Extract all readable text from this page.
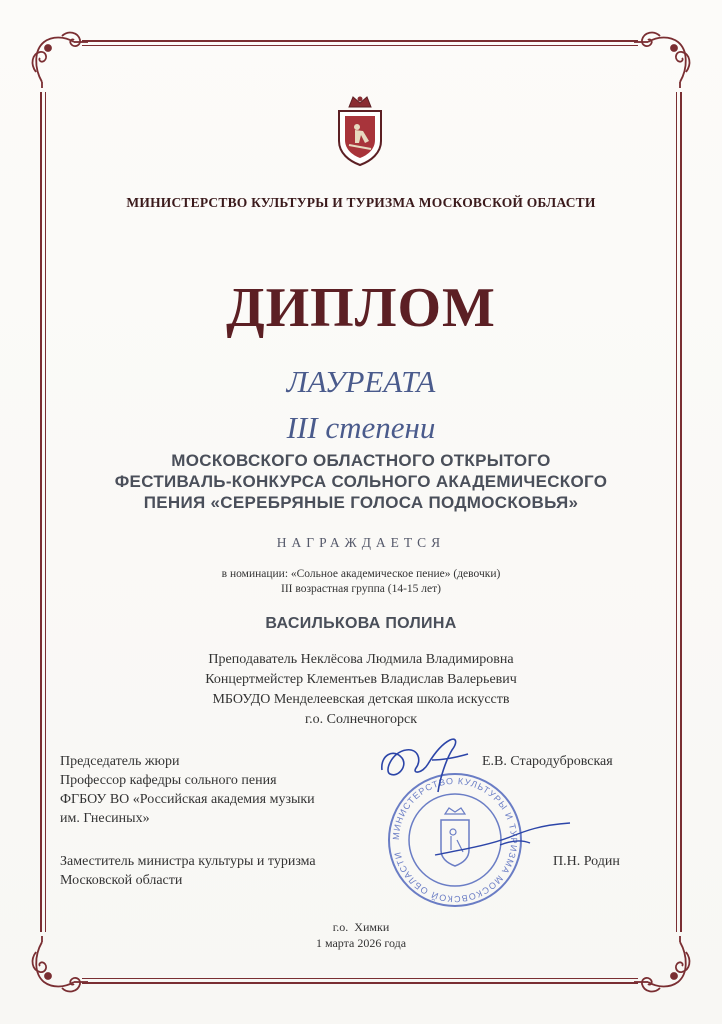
МИНИСТЕРСТВО КУЛЬТУРЫ И ТУРИЗМА МОСКОВСКОЙ ОБЛАСТИ
ДИПЛОМ
ЛАУРЕАТА
III степени
МОСКОВСКОГО ОБЛАСТНОГО ОТКРЫТОГО
ФЕСТИВАЛЬ-КОНКУРСА СОЛЬНОГО АКАДЕМИЧЕСКОГО
ПЕНИЯ «СЕРЕБРЯНЫЕ ГОЛОСА ПОДМОСКОВЬЯ»
НАГРАЖДАЕТСЯ
в номинации: «Сольное академическое пение» (девочки)
III возрастная группа (14-15 лет)
ВАСИЛЬКОВА ПОЛИНА
Преподаватель Неклёсова Людмила Владимировна
Концертмейстер Клементьев Владислав Валерьевич
МБОУДО Менделеевская детская школа искусств
г.о. Солнечногорск
МИНИСТЕРСТВО КУЛЬТУРЫ И ТУРИЗМА МОСКОВСКОЙ ОБЛАСТИ
Председатель жюри
Профессор кафедры сольного пения
ФГБОУ ВО «Российская академия музыки
им. Гнесиных»
Е.В. Стародубровская
Заместитель министра культуры и туризма
Московской области
П.Н. Родин
г.о.  Химки
1 марта 2026 года
